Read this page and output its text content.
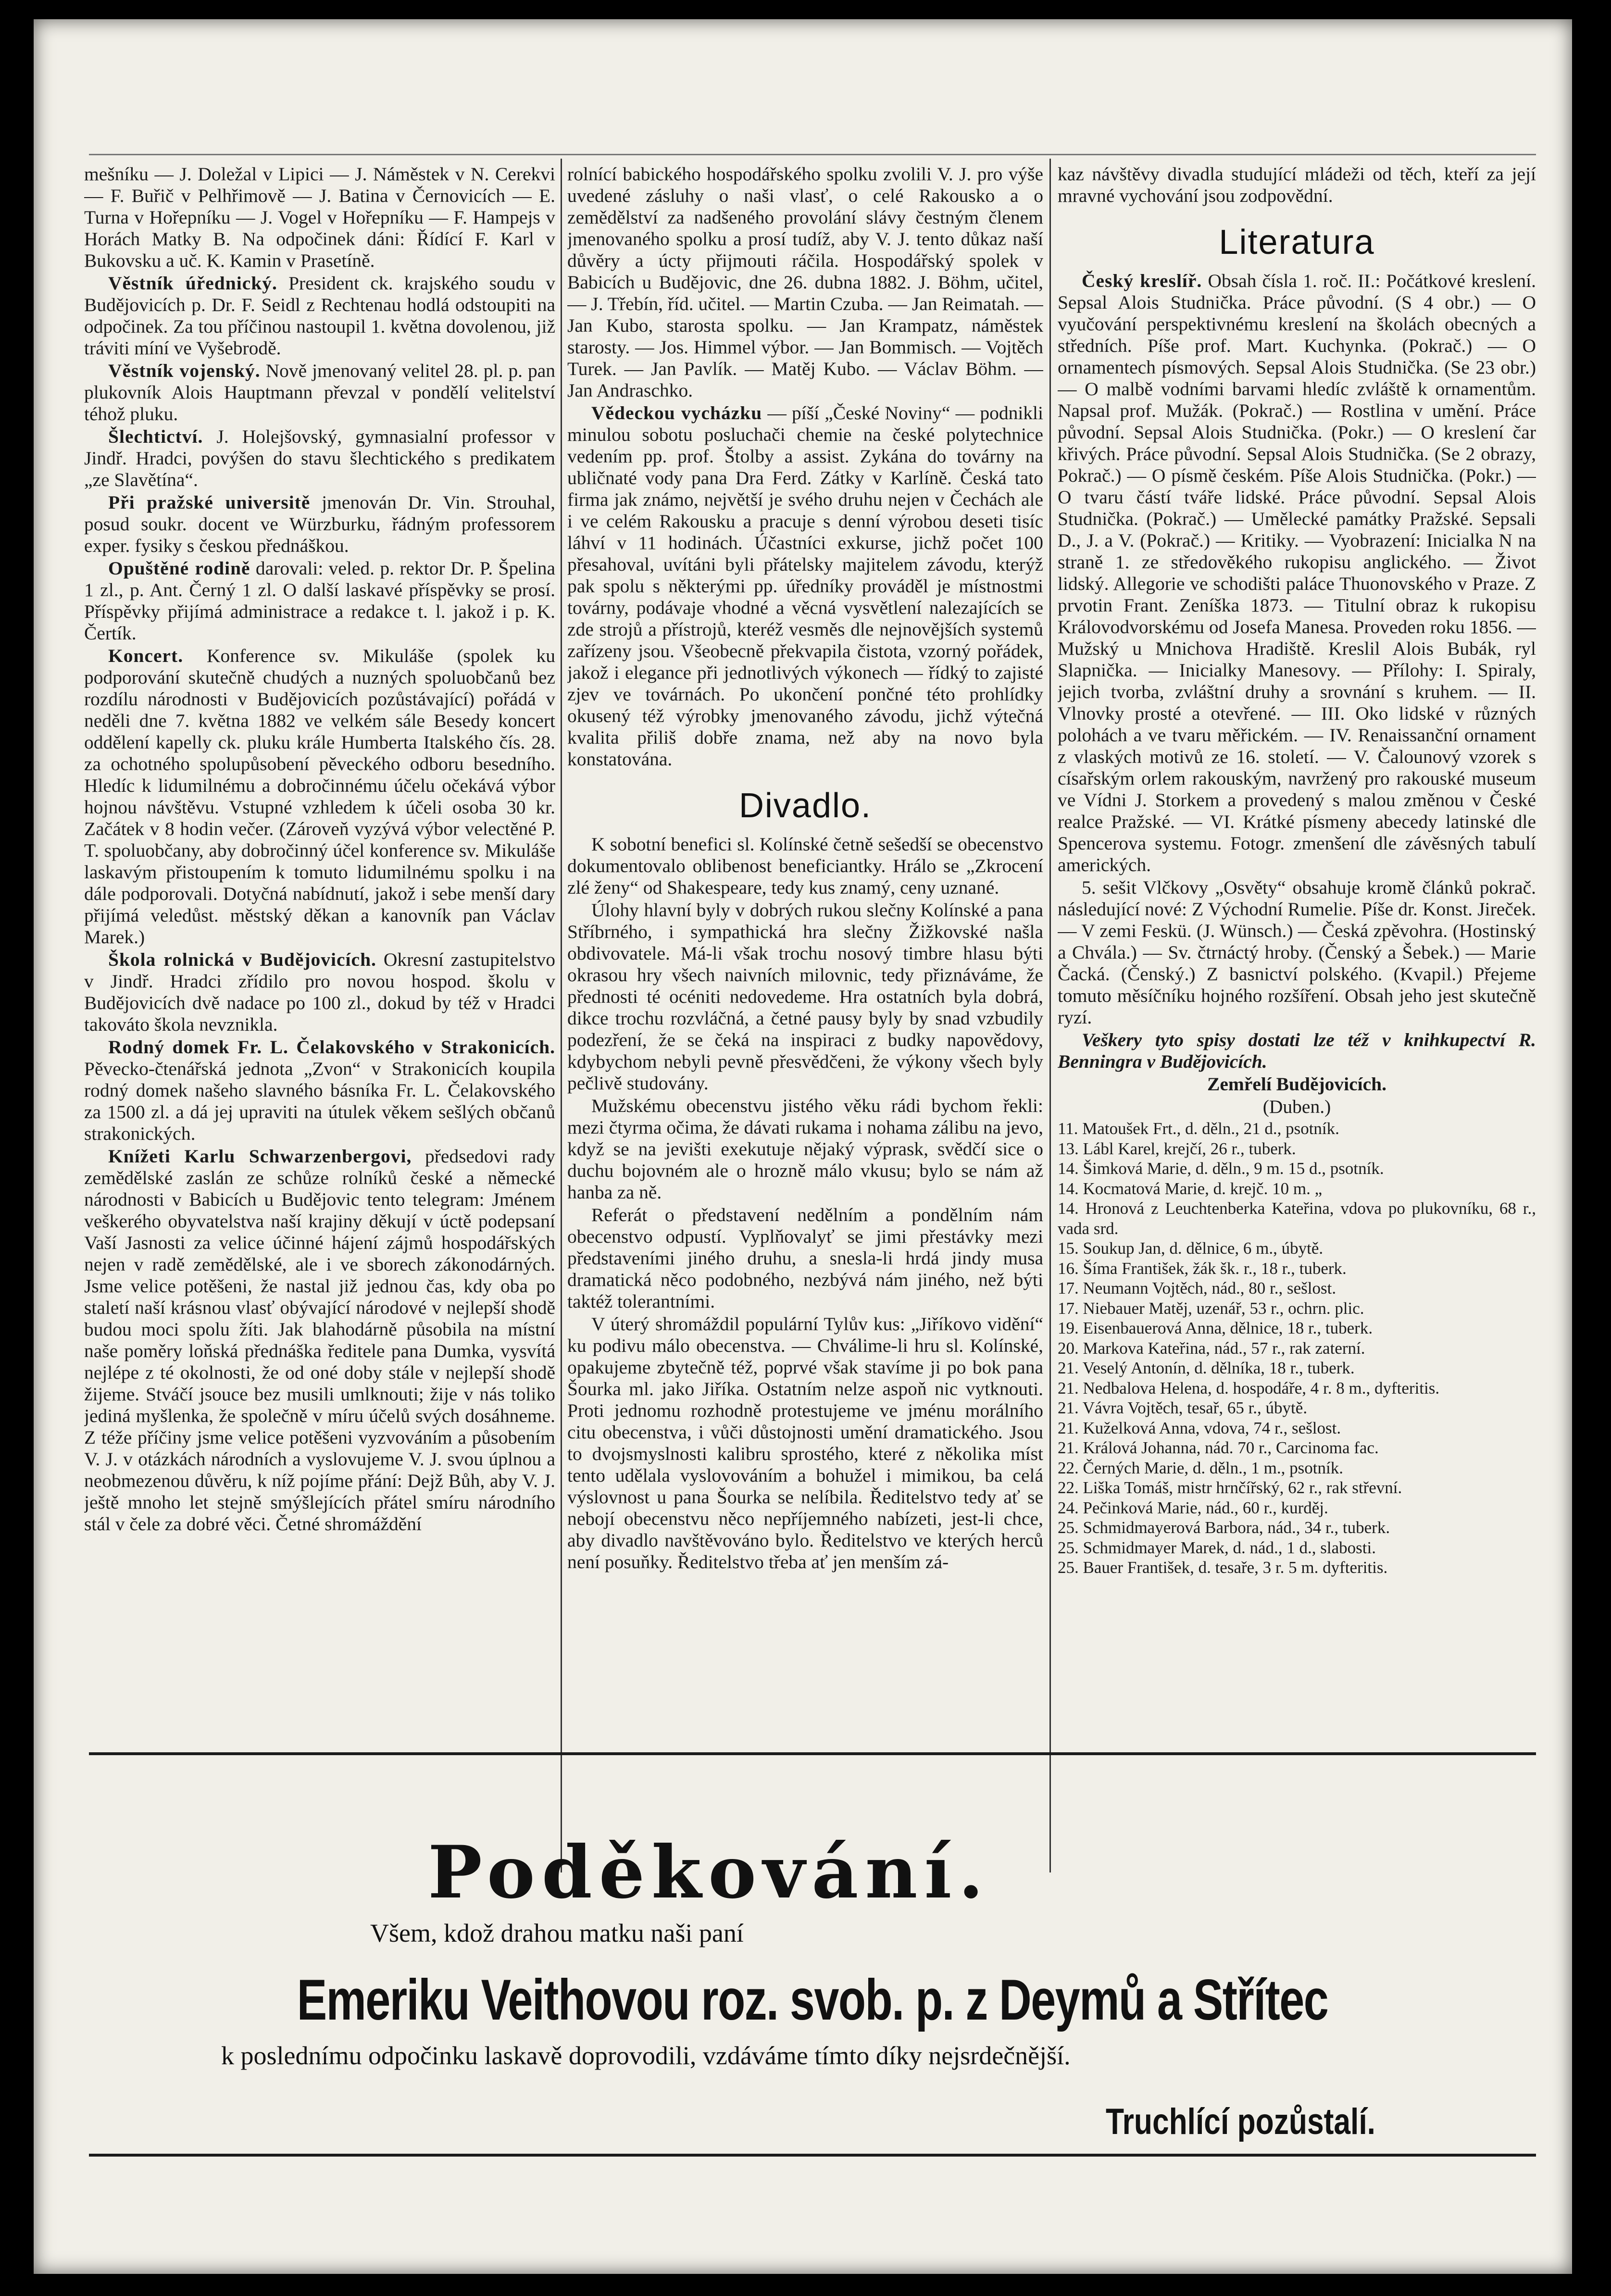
mešníku — J. Doležal v Lipici — J. Náměstek v N. Cerekvi — F. Buřič v Pelhřimově — J. Batina v Černovicích — E. Turna v Hořepníku — J. Vogel v Hořepníku — F. Hampejs v Horách Matky B. Na odpočinek dáni: Řídící F. Karl v Bukovsku a uč. K. Kamin v Prasetíně.

Věstník úřednický. President ck. krajského soudu v Budějovicích p. Dr. F. Seidl z Rechtenau hodlá odstoupiti na odpočinek. Za tou příčinou nastoupil 1. května dovolenou, již tráviti míní ve Vyšebrodě.

Věstník vojenský. Nově jmenovaný velitel 28. pl. p. pan plukovník Alois Hauptmann převzal v pondělí velitelství téhož pluku.

Šlechtictví. J. Holejšovský, gymnasialní professor v Jindř. Hradci, povýšen do stavu šlechtického s predikatem „ze Slavětína“.

Při pražské universitě jmenován Dr. Vin. Strouhal, posud soukr. docent ve Würzburku, řádným professorem exper. fysiky s českou přednáškou.

Opuštěné rodině darovali: veled. p. rektor Dr. P. Špelina 1 zl., p. Ant. Černý 1 zl. O další laskavé příspěvky se prosí. Příspěvky přijímá administrace a redakce t. l. jakož i p. K. Čertík.

Koncert. Konference sv. Mikuláše (spolek ku podporování skutečně chudých a nuzných spoluobčanů bez rozdílu národnosti v Budějovicích pozůstávající) pořádá v neděli dne 7. května 1882 ve velkém sále Besedy koncert oddělení kapelly ck. pluku krále Humberta Italského čís. 28. za ochotného spolupůsobení pěveckého odboru besedního. Hledíc k lidumilnému a dobročinnému účelu očekává výbor hojnou návštěvu. Vstupné vzhledem k účeli osoba 30 kr. Začátek v 8 hodin večer. (Zároveň vyzývá výbor velectěné P. T. spoluobčany, aby dobročinný účel konference sv. Mikuláše laskavým přistoupením k tomuto lidumilnému spolku i na dále podporovali. Dotyčná nabídnutí, jakož i sebe menší dary přijímá veledůst. městský děkan a kanovník pan Václav Marek.)

Škola rolnická v Budějovicích. Okresní zastupitelstvo v Jindř. Hradci zřídilo pro novou hospod. školu v Budějovicích dvě nadace po 100 zl., dokud by též v Hradci takováto škola nevznikla.

Rodný domek Fr. L. Čelakovského v Strakonicích. Pěvecko-čtenářská jednota „Zvon“ v Strakonicích koupila rodný domek našeho slavného básníka Fr. L. Čelakovského za 1500 zl. a dá jej upraviti na útulek věkem sešlých občanů strakonických.

Knížeti Karlu Schwarzenbergovi, předsedovi rady zemědělské zaslán ze schůze rolníků české a německé národnosti v Babicích u Budějovic tento telegram: Jménem veškerého obyvatelstva naší krajiny děkují v úctě podepsaní Vaší Jasnosti za velice účinné hájení zájmů hospodářských nejen v radě zemědělské, ale i ve sborech zákonodárných. Jsme velice potěšeni, že nastal již jednou čas, kdy oba po staletí naší krásnou vlasť obývající národové v nejlepší shodě budou moci spolu žíti. Jak blahodárně působila na místní naše poměry loňská přednáška ředitele pana Dumka, vysvítá nejlépe z té okolnosti, že od oné doby stále v nejlepší shodě žijeme. Stváčí jsouce bez musili umlknouti; žije v nás toliko jediná myšlenka, že společně v míru účelů svých dosáhneme. Z téže příčiny jsme velice potěšeni vyzvováním a působením V. J. v otázkách národních a vyslovujeme V. J. svou úplnou a neobmezenou důvěru, k níž pojíme přání: Dejž Bůh, aby V. J. ještě mnoho let stejně smýšlejících přátel smíru národního stál v čele za dobré věci. Četné shromáždění

rolnící babického hospodářského spolku zvolili V. J. pro výše uvedené zásluhy o naši vlasť, o celé Rakousko a o zemědělství za nadšeného provolání slávy čestným členem jmenovaného spolku a prosí tudíž, aby V. J. tento důkaz naší důvěry a úcty přijmouti ráčila. Hospodářský spolek v Babicích u Budějovic, dne 26. dubna 1882. J. Böhm, učitel, — J. Třebín, říd. učitel. — Martin Czuba. — Jan Reimatah. — Jan Kubo, starosta spolku. — Jan Krampatz, náměstek starosty. — Jos. Himmel výbor. — Jan Bommisch. — Vojtěch Turek. — Jan Pavlík. — Matěj Kubo. — Václav Böhm. — Jan Andraschko.

Vědeckou vycházku — píší „České Noviny“ — podnikli minulou sobotu posluchači chemie na české polytechnice vedením pp. prof. Štolby a assist. Zykána do továrny na ubličnaté vody pana Dra Ferd. Zátky v Karlíně. Česká tato firma jak známo, největší je svého druhu nejen v Čechách ale i ve celém Rakousku a pracuje s denní výrobou deseti tisíc láhví v 11 hodinách. Účastníci exkurse, jichž počet 100 přesahoval, uvítáni byli přátelsky majitelem závodu, kterýž pak spolu s některými pp. úředníky prováděl je místnostmi továrny, podávaje vhodné a věcná vysvětlení nalezajících se zde strojů a přístrojů, kteréž vesměs dle nejnovějších systemů zařízeny jsou. Všeobecně překvapila čistota, vzorný pořádek, jakož i elegance při jednotlivých výkonech — řídký to zajisté zjev ve továrnách. Po ukončení pončné této prohlídky okusený též výrobky jmenovaného závodu, jichž výtečná kvalita přiliš dobře znama, než aby na novo byla konstatována.

Divadlo.

K sobotní benefici sl. Kolínské četně sešedší se obecenstvo dokumentovalo oblibenost beneficiantky. Hrálo se „Zkrocení zlé ženy“ od Shakespeare, tedy kus znamý, ceny uznané.

Úlohy hlavní byly v dobrých rukou slečny Kolínské a pana Stříbrného, i sympathická hra slečny Žižkovské našla obdivovatele. Má-li však trochu nosový timbre hlasu býti okrasou hry všech naivních milovnic, tedy přiznáváme, že přednosti té océniti nedovedeme. Hra ostatních byla dobrá, dikce trochu rozvláčná, a četné pausy byly by snad vzbudily podezření, že se čeká na inspiraci z budky napovědovy, kdybychom nebyli pevně přesvědčeni, že výkony všech byly pečlivě studovány.

Mužskému obecenstvu jistého věku rádi bychom řekli: mezi čtyrma očima, že dávati rukama i nohama zálibu na jevo, když se na jevišti exekutuje nějaký výprask, svědčí sice o duchu bojovném ale o hrozně málo vkusu; bylo se nám až hanba za ně.

Referát o představení nedělním a pondělním nám obecenstvo odpustí. Vyplňovalyť se jimi přestávky mezi představeními jiného druhu, a snesla-li hrdá jindy musa dramatická něco podobného, nezbývá nám jiného, než býti taktéž tolerantními.

V úterý shromáždil populární Tylův kus: „Jiříkovo vidění“ ku podivu málo obecenstva. — Chválime-li hru sl. Kolínské, opakujeme zbytečně též, poprvé však stavíme ji po bok pana Šourka ml. jako Jiříka. Ostatním nelze aspoň nic vytknouti. Proti jednomu rozhodně protestujeme ve jménu morálního citu obecenstva, i vůči důstojnosti umění dramatického. Jsou to dvojsmyslnosti kalibru sprostého, které z několika míst tento udělala vyslovováním a bohužel i mimikou, ba celá výslovnost u pana Šourka se nelíbila. Ředitelstvo tedy ať se nebojí obecenstvu něco nepříjemného nabízeti, jest-li chce, aby divadlo navštěvováno bylo. Ředitelstvo ve kterých herců není posuňky. Ředitelstvo třeba ať jen menším zá-

kaz návštěvy divadla studující mládeži od těch, kteří za její mravné vychování jsou zodpovědní.

Literatura

Český kreslíř. Obsah čísla 1. roč. II.: Počátkové kreslení. Sepsal Alois Studnička. Práce původní. (S 4 obr.) — O vyučování perspektivnému kreslení na školách obecných a středních. Píše prof. Mart. Kuchynka. (Pokrač.) — O ornamentech písmových. Sepsal Alois Studnička. (Se 23 obr.) — O malbě vodními barvami hledíc zvláště k ornamentům. Napsal prof. Mužák. (Pokrač.) — Rostlina v umění. Práce původní. Sepsal Alois Studnička. (Pokr.) — O kreslení čar křivých. Práce původní. Sepsal Alois Studnička. (Se 2 obrazy, Pokrač.) — O písmě českém. Píše Alois Studnička. (Pokr.) — O tvaru částí tváře lidské. Práce původní. Sepsal Alois Studnička. (Pokrač.) — Umělecké památky Pražské. Sepsali D., J. a V. (Pokrač.) — Kritiky. — Vyobrazení: Inicialka N na straně 1. ze středověkého rukopisu anglického. — Život lidský. Allegorie ve schodišti paláce Thuonovského v Praze. Z prvotin Frant. Zeníška 1873. — Titulní obraz k rukopisu Královodvorskému od Josefa Manesa. Proveden roku 1856. — Mužský u Mnichova Hradiště. Kreslil Alois Bubák, ryl Slapnička. — Inicialky Manesovy. — Přílohy: I. Spiraly, jejich tvorba, zvláštní druhy a srovnání s kruhem. — II. Vlnovky prosté a otevřené. — III. Oko lidské v různých polohách a ve tvaru měřickém. — IV. Renaissanční ornament z vlaských motivů ze 16. století. — V. Čalounový vzorek s císařským orlem rakouským, navržený pro rakouské museum ve Vídni J. Storkem a provedený s malou změnou v České realce Pražské. — VI. Krátké písmeny abecedy latinské dle Spencerova systemu. Fotogr. zmenšení dle závěsných tabulí amerických.

5. sešit Vlčkovy „Osvěty“ obsahuje kromě článků pokrač. následující nové: Z Východní Rumelie. Píše dr. Konst. Jireček. — V zemi Feskü. (J. Wünsch.) — Česká zpěvohra. (Hostinský a Chvála.) — Sv. čtrnáctý hroby. (Čenský a Šebek.) — Marie Čacká. (Čenský.) Z basnictví polského. (Kvapil.) Přejeme tomuto měsíčníku hojného rozšíření. Obsah jeho jest skutečně ryzí.

Veškery tyto spisy dostati lze též v knihkupectví R. Benningra v Budějovicích.

Zemřelí Budějovicích.

(Duben.)

11. Matoušek Frt., d. děln., 21 d., psotník.
13. Lábl Karel, krejčí, 26 r., tuberk.
14. Šimková Marie, d. děln., 9 m. 15 d., psotník.
14. Kocmatová Marie, d. krejč. 10 m. „
14. Hronová z Leuchtenberka Kateřina, vdova po plukovníku, 68 r., vada srd.
15. Soukup Jan, d. dělnice, 6 m., úbytě.
16. Šíma František, žák šk. r., 18 r., tuberk.
17. Neumann Vojtěch, nád., 80 r., sešlost.
17. Niebauer Matěj, uzenář, 53 r., ochrn. plic.
19. Eisenbauerová Anna, dělnice, 18 r., tuberk.
20. Markova Kateřina, nád., 57 r., rak zaterní.
21. Veselý Antonín, d. dělníka, 18 r., tuberk.
21. Nedbalova Helena, d. hospodáře, 4 r. 8 m., dyfteritis.
21. Vávra Vojtěch, tesař, 65 r., úbytě.
21. Kuželková Anna, vdova, 74 r., sešlost.
21. Králová Johanna, nád. 70 r., Carcinoma fac.
22. Černých Marie, d. děln., 1 m., psotník.
22. Liška Tomáš, mistr hrnčířský, 62 r., rak střevní.
24. Pečinková Marie, nád., 60 r., kurděj.
25. Schmidmayerová Barbora, nád., 34 r., tuberk.
25. Schmidmayer Marek, d. nád., 1 d., slabosti.
25. Bauer František, d. tesaře, 3 r. 5 m. dyfteritis.
Poděkování.
Všem, kdož drahou matku naši paní
Emeriku Veithovou roz. svob. p. z Deymů a Střítec
k poslednímu odpočinku laskavě doprovodili, vzdáváme tímto díky nejsrdečnější.
Truchlící pozůstalí.
